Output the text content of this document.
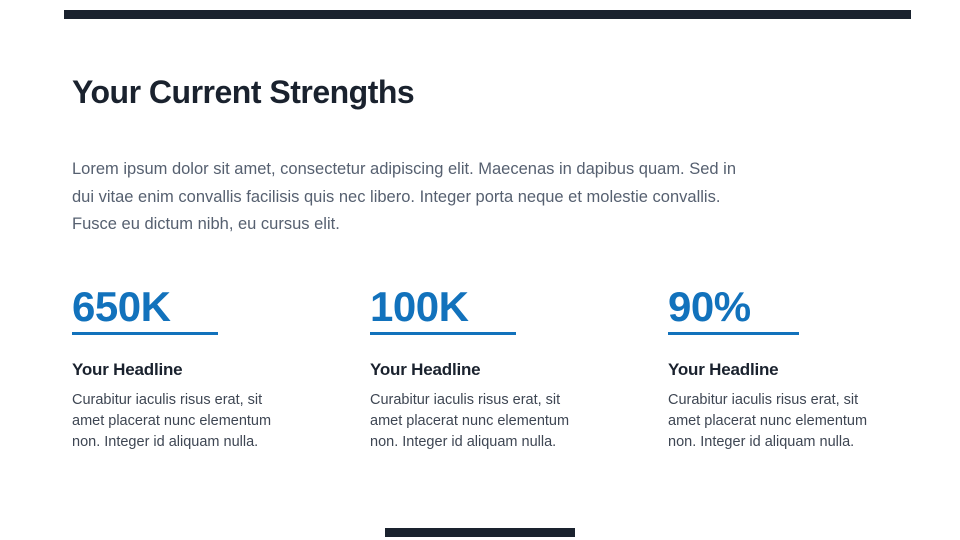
Your Current Strengths
Lorem ipsum dolor sit amet, consectetur adipiscing elit. Maecenas in dapibus quam. Sed in
dui vitae enim convallis facilisis quis nec libero. Integer porta neque et molestie convallis.
Fusce eu dictum nibh, eu cursus elit.
650K
Your Headline
Curabitur iaculis risus erat, sit
amet placerat nunc elementum
non. Integer id aliquam nulla.
100K
Your Headline
Curabitur iaculis risus erat, sit
amet placerat nunc elementum
non. Integer id aliquam nulla.
90%
Your Headline
Curabitur iaculis risus erat, sit
amet placerat nunc elementum
non. Integer id aliquam nulla.
